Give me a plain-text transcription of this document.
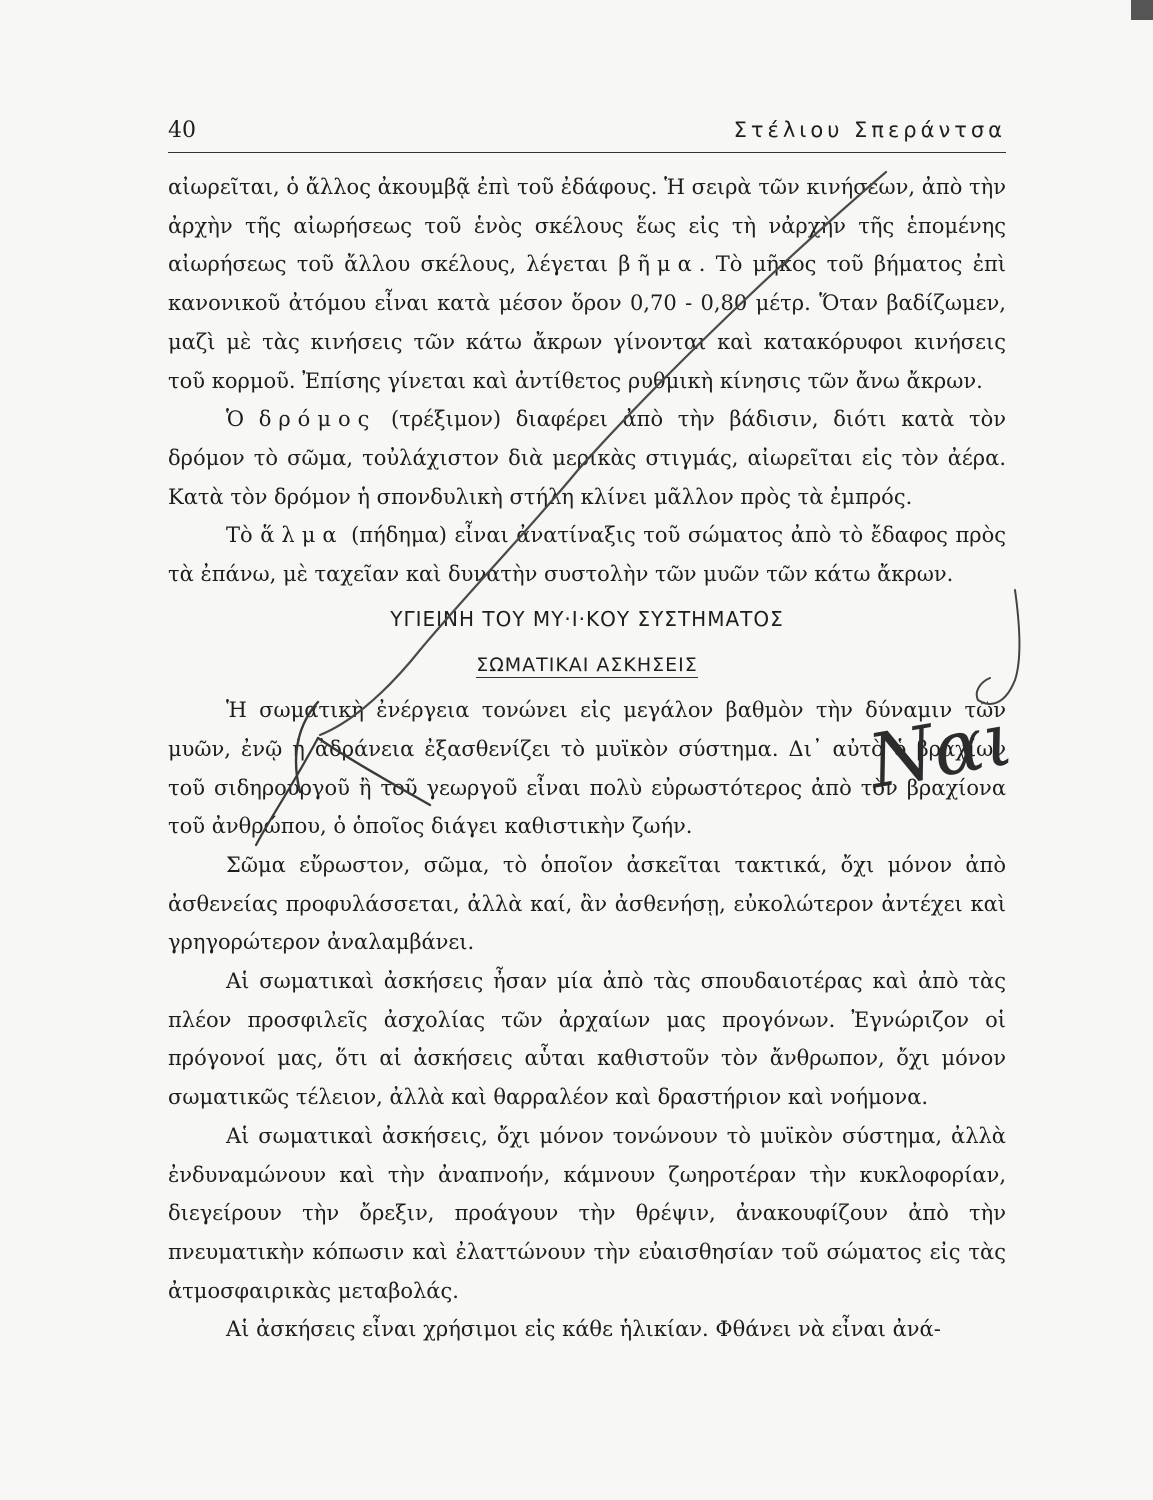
40	Στέλιου Σπεράντσα

αἰωρεῖται, ὁ ἄλλος ἀκουμβᾷ ἐπὶ τοῦ ἐδάφους. Ἡ σειρὰ τῶν κινήσεων, ἀπὸ τὴν ἀρχὴν τῆς αἰωρήσεως τοῦ ἑνὸς σκέλους ἕως εἰς τὴ νἀρχὴν τῆς ἑπομένης αἰωρήσεως τοῦ ἄλλου σκέλους, λέγεται βῆμα. Τὸ μῆκος τοῦ βήματος ἐπὶ κανονικοῦ ἀτόμου εἶναι κατὰ μέσον ὅρον 0,70 - 0,80 μέτρ. Ὅταν βαδίζωμεν, μαζὶ μὲ τὰς κινήσεις τῶν κάτω ἄκρων γίνονται καὶ κατακόρυφοι κινήσεις τοῦ κορμοῦ. Ἐπίσης γίνεται καὶ ἀντίθετος ρυθμικὴ κίνησις τῶν ἄνω ἄκρων.

Ὁ δρόμος (τρέξιμον) διαφέρει ἀπὸ τὴν βάδισιν, διότι κατὰ τὸν δρόμον τὸ σῶμα, τοὐλάχιστον διὰ μερικὰς στιγμάς, αἰωρεῖται εἰς τὸν ἀέρα. Κατὰ τὸν δρόμον ἡ σπονδυλικὴ στήλη κλίνει μᾶλλον πρὸς τὰ ἐμπρός.

Τὸ ἅλμα (πήδημα) εἶναι ἀνατίναξις τοῦ σώματος ἀπὸ τὸ ἔδαφος πρὸς τὰ ἐπάνω, μὲ ταχεῖαν καὶ δυνατὴν συστολὴν τῶν μυῶν τῶν κάτω ἄκρων.

ΥΓΙΕΙΝΗ ΤΟΥ ΜΥ·Ι·ΚΟΥ ΣΥΣΤΗΜΑΤΟΣ

ΣΩΜΑΤΙΚΑΙ ΑΣΚΗΣΕΙΣ

Ἡ σωματικὴ ἐνέργεια τονώνει εἰς μεγάλον βαθμὸν τὴν δύναμιν τῶν μυῶν, ἐνῷ ἡ ἀδράνεια ἐξασθενίζει τὸ μυϊκὸν σύστημα. Δι᾽ αὐτὸ ὁ βραχίων τοῦ σιδηρουργοῦ ἢ τοῦ γεωργοῦ εἶναι πολὺ εὐρωστότερος ἀπὸ τὸν βραχίονα τοῦ ἀνθρώπου, ὁ ὁποῖος διάγει καθιστικὴν ζωήν.

Σῶμα εὔρωστον, σῶμα, τὸ ὁποῖον ἀσκεῖται τακτικά, ὄχι μόνον ἀπὸ ἀσθενείας προφυλάσσεται, ἀλλὰ καί, ἂν ἀσθενήσῃ, εὐκολώτερον ἀντέχει καὶ γρηγορώτερον ἀναλαμβάνει.

Αἱ σωματικαὶ ἀσκήσεις ἦσαν μία ἀπὸ τὰς σπουδαιοτέρας καὶ ἀπὸ τὰς πλέον προσφιλεῖς ἀσχολίας τῶν ἀρχαίων μας προγόνων. Ἐγνώριζον οἱ πρόγονοί μας, ὅτι αἱ ἀσκήσεις αὗται καθιστοῦν τὸν ἄνθρωπον, ὄχι μόνον σωματικῶς τέλειον, ἀλλὰ καὶ θαρραλέον καὶ δραστήριον καὶ νοήμονα.

Αἱ σωματικαὶ ἀσκήσεις, ὄχι μόνον τονώνουν τὸ μυϊκὸν σύστημα, ἀλλὰ ἐνδυναμώνουν καὶ τὴν ἀναπνοήν, κάμνουν ζωηροτέραν τὴν κυκλοφορίαν, διεγείρουν τὴν ὄρεξιν, προάγουν τὴν θρέψιν, ἀνακουφίζουν ἀπὸ τὴν πνευματικὴν κόπωσιν καὶ ἐλαττώνουν τὴν εὐαισθησίαν τοῦ σώματος εἰς τὰς ἀτμοσφαιρικὰς μεταβολάς.

Αἱ ἀσκήσεις εἶναι χρήσιμοι εἰς κάθε ἡλικίαν. Φθάνει νὰ εἶναι ἀνά-

Ναι
